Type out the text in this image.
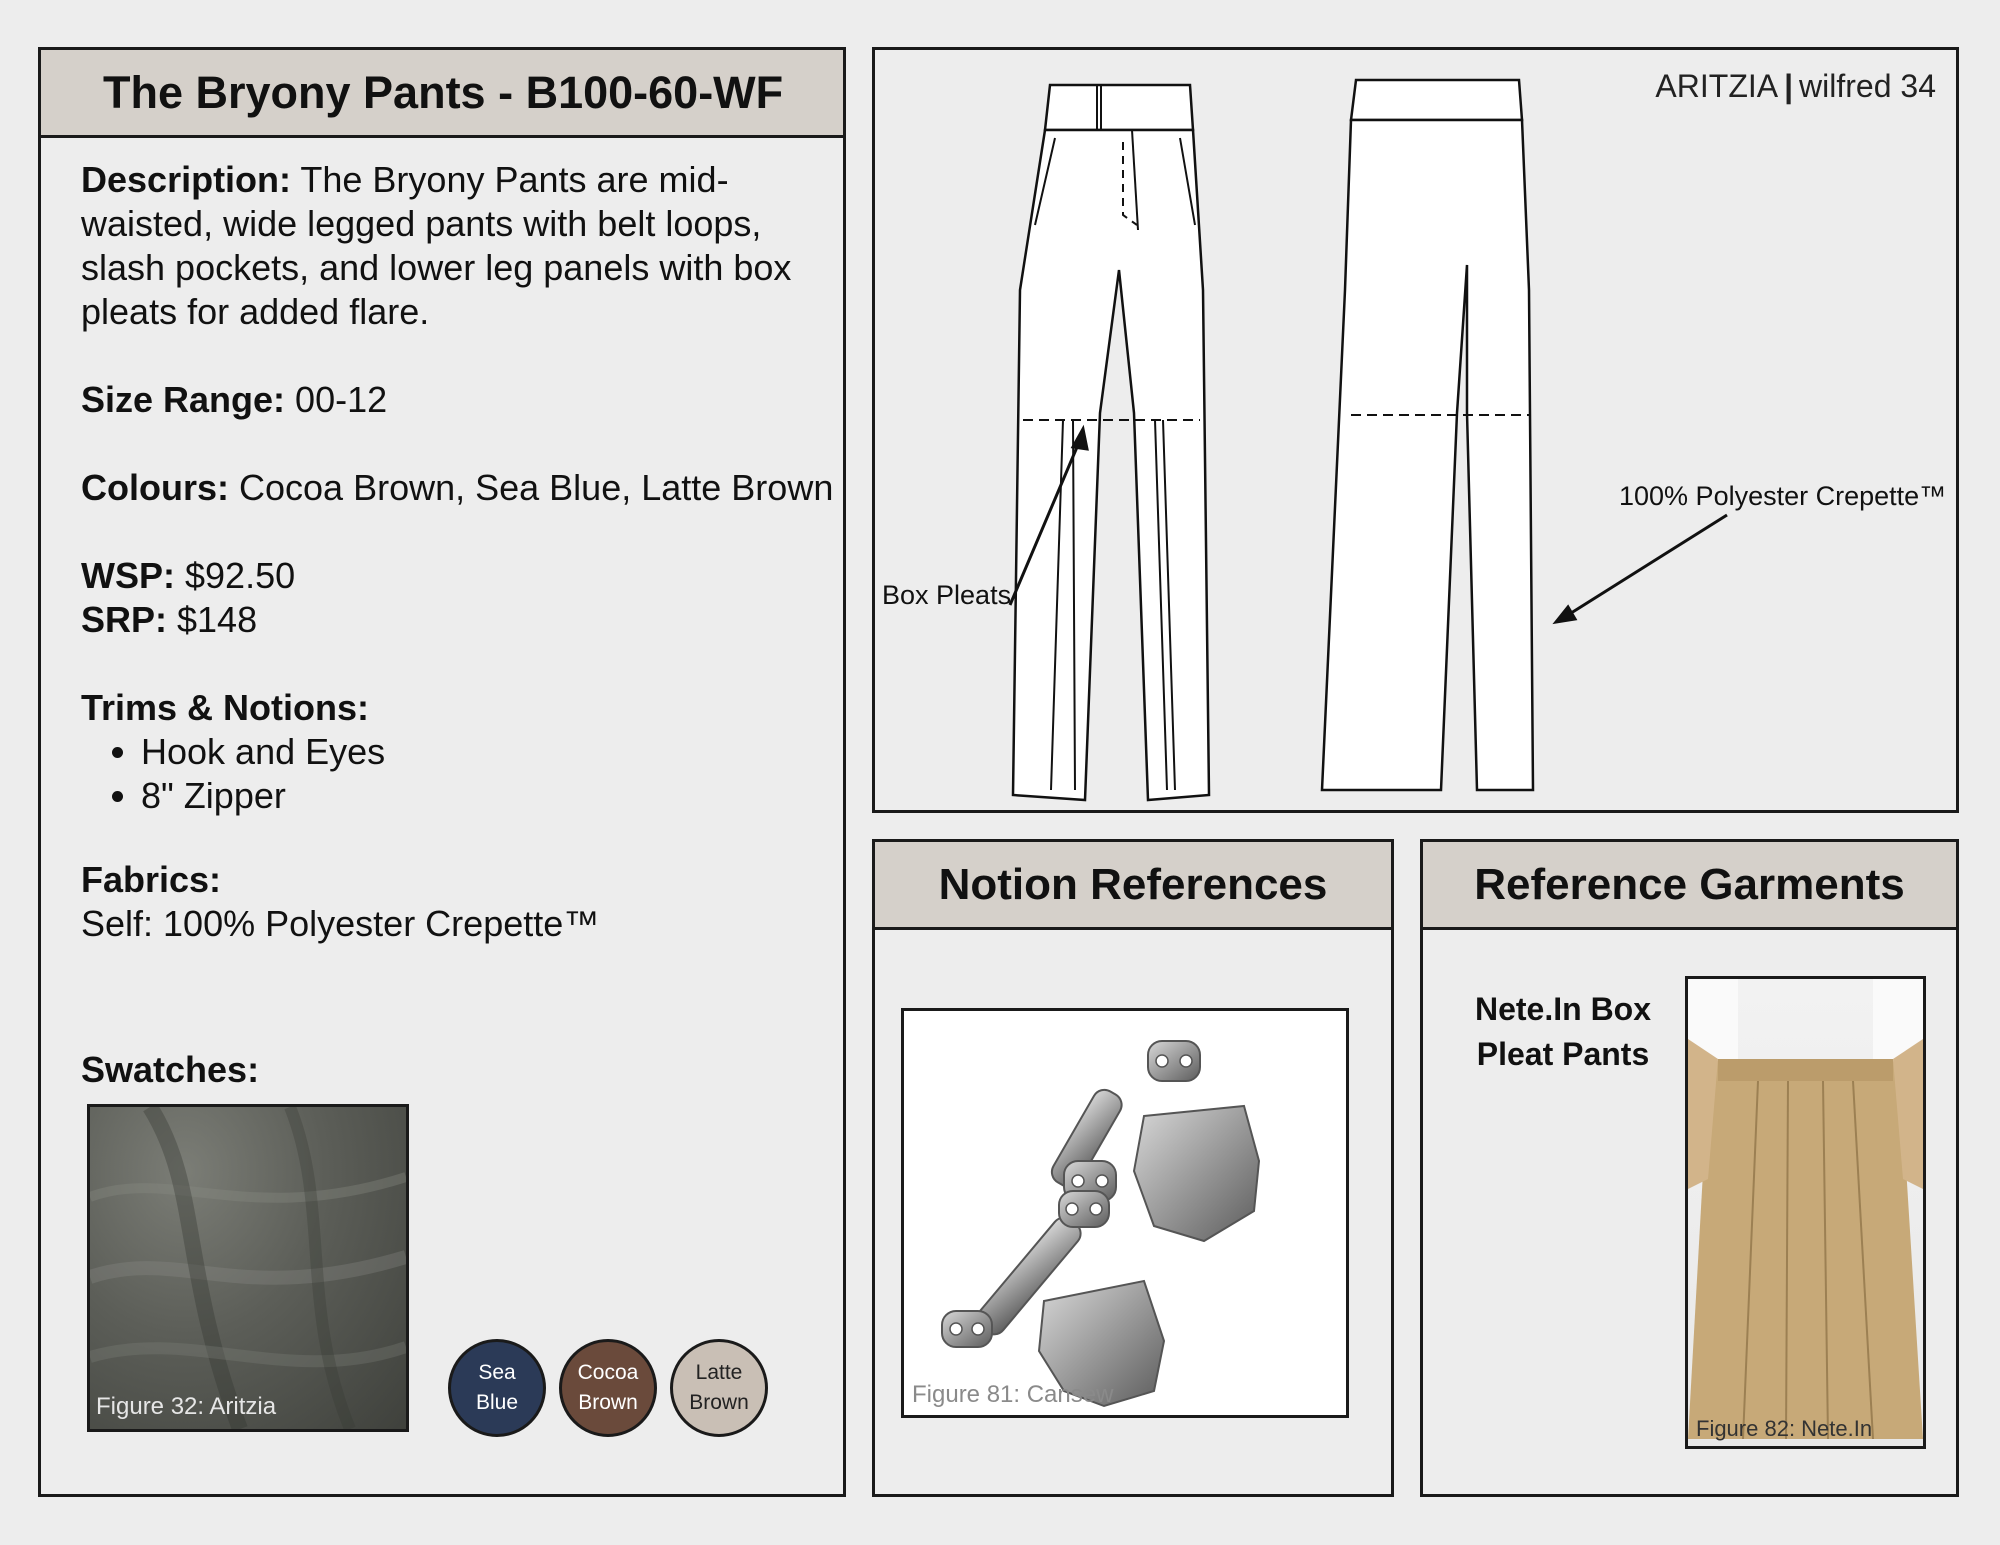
The Bryony Pants - B100-60-WF

Description: The Bryony Pants are mid-waisted, wide legged pants with belt loops, slash pockets, and lower leg panels with box pleats for added flare.

Size Range: 00-12

Colours: Cocoa Brown, Sea Blue, Latte Brown

WSP: $92.50

SRP: $148

Trims & Notions:

• Hook and Eyes
• 8" Zipper

Fabrics:

Self: 100% Polyester Crepette™

Swatches:

Figure 32: Aritzia
Sea
Blue
Cocoa
Brown
Latte
Brown
ARITZIA | wilfred 34
Box Pleats
100% Polyester Crepette™
Notion References
Figure 81: Cansew
Reference Garments
Nete.In Box Pleat Pants
Figure 82: Nete.In
